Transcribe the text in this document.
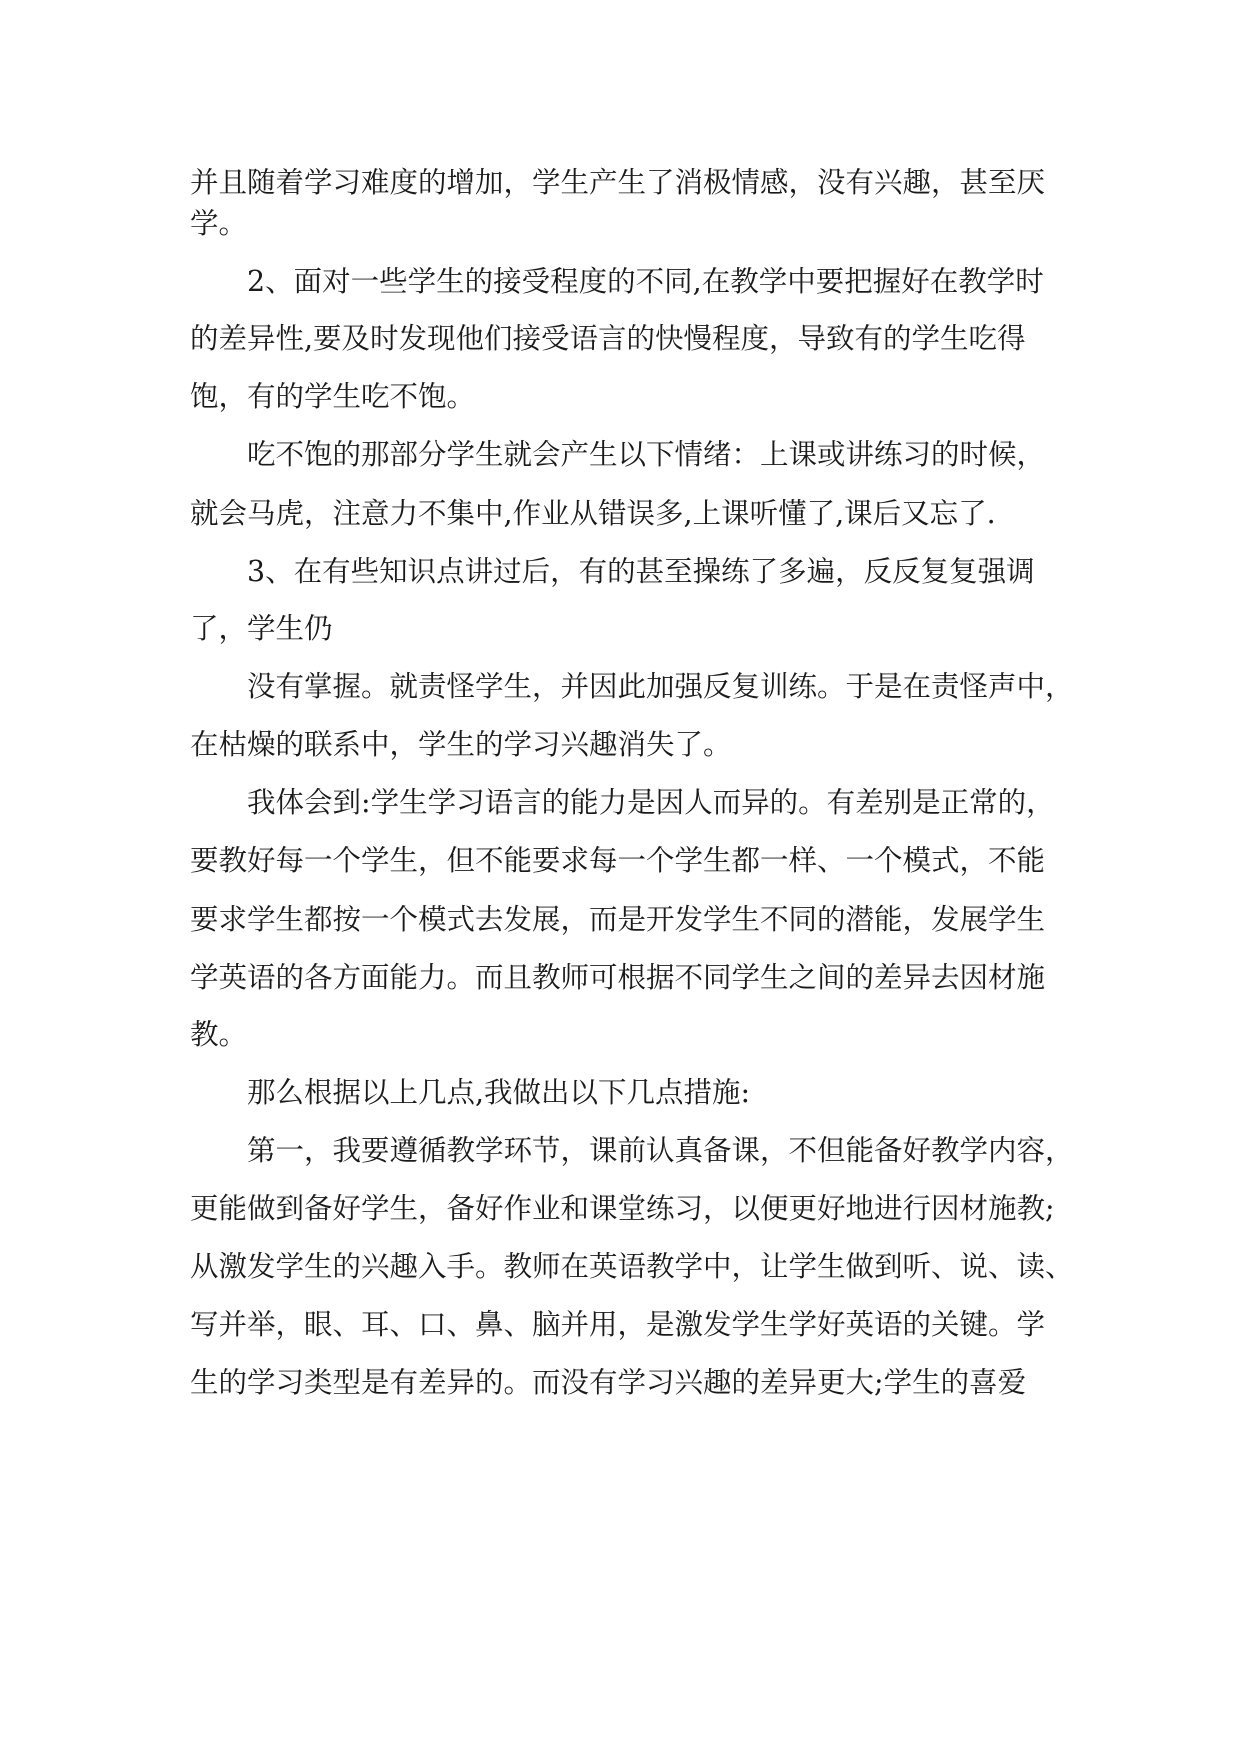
并且随着学习难度的增加，学生产生了消极情感，没有兴趣，甚至厌
学。
2、面对一些学生的接受程度的不同,在教学中要把握好在教学时
的差异性,要及时发现他们接受语言的快慢程度，导致有的学生吃得
饱，有的学生吃不饱。
吃不饱的那部分学生就会产生以下情绪：上课或讲练习的时候，
就会马虎，注意力不集中,作业从错误多,上课听懂了,课后又忘了.
3、在有些知识点讲过后，有的甚至操练了多遍，反反复复强调
了，学生仍
没有掌握。就责怪学生，并因此加强反复训练。于是在责怪声中，
在枯燥的联系中，学生的学习兴趣消失了。
我体会到:学生学习语言的能力是因人而异的。有差别是正常的，
要教好每一个学生，但不能要求每一个学生都一样、一个模式，不能
要求学生都按一个模式去发展，而是开发学生不同的潜能，发展学生
学英语的各方面能力。而且教师可根据不同学生之间的差异去因材施
教。
那么根据以上几点,我做出以下几点措施:
第一，我要遵循教学环节，课前认真备课，不但能备好教学内容，
更能做到备好学生，备好作业和课堂练习，以便更好地进行因材施教;
从激发学生的兴趣入手。教师在英语教学中，让学生做到听、说、读、
写并举，眼、耳、口、鼻、脑并用，是激发学生学好英语的关键。学
生的学习类型是有差异的。而没有学习兴趣的差异更大;学生的喜爱
